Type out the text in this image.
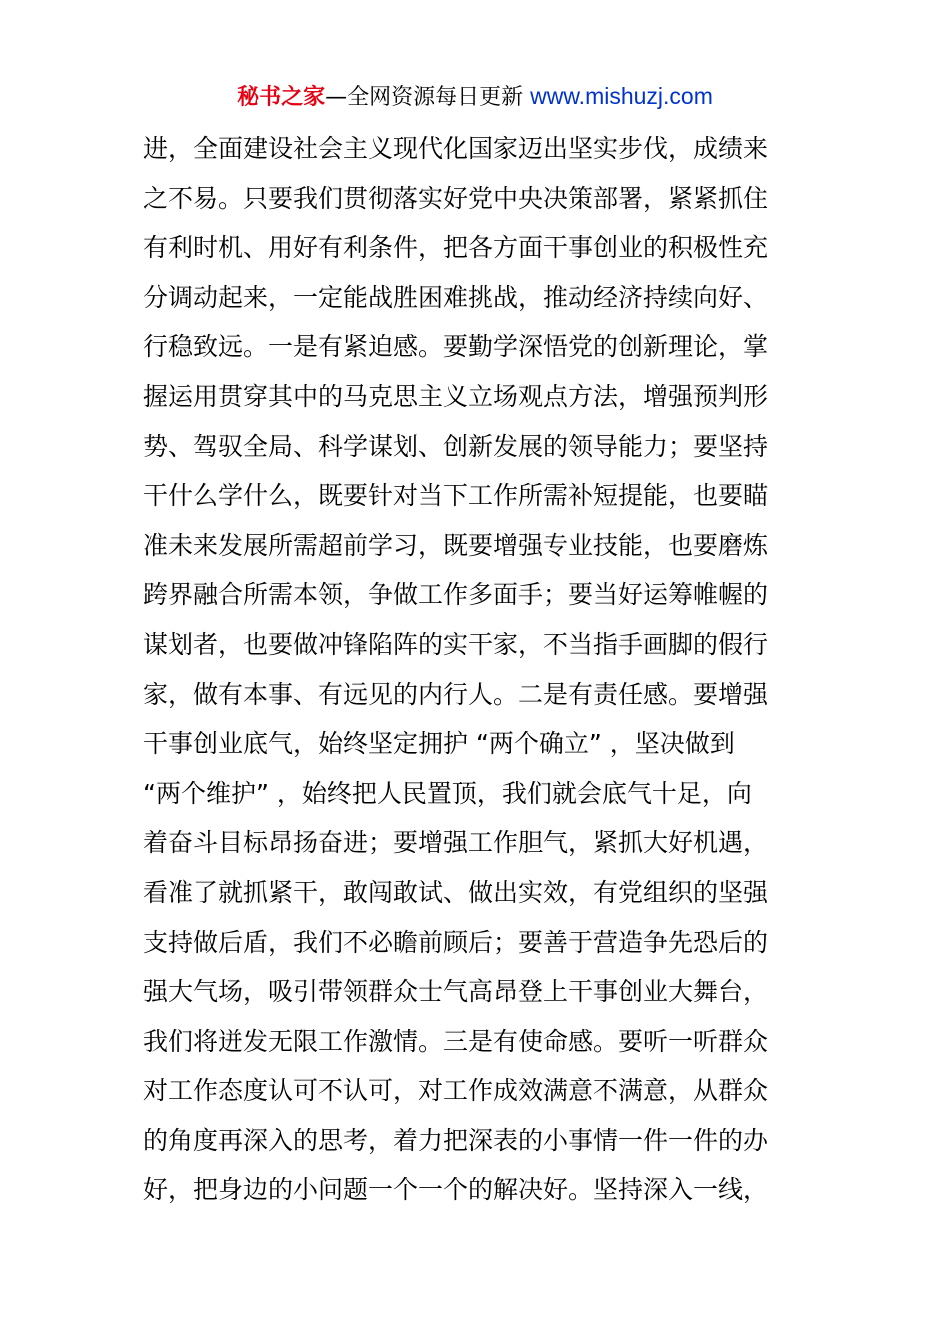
秘书之家—全网资源每日更新 www.mishuzj.com
进，全面建设社会主义现代化国家迈出坚实步伐，成绩来
之不易。只要我们贯彻落实好党中央决策部署，紧紧抓住
有利时机、用好有利条件，把各方面干事创业的积极性充
分调动起来，一定能战胜困难挑战，推动经济持续向好、
行稳致远。一是有紧迫感。要勤学深悟党的创新理论，掌
握运用贯穿其中的马克思主义立场观点方法，增强预判形
势、驾驭全局、科学谋划、创新发展的领导能力；要坚持
干什么学什么，既要针对当下工作所需补短提能，也要瞄
准未来发展所需超前学习，既要增强专业技能，也要磨炼
跨界融合所需本领，争做工作多面手；要当好运筹帷幄的
谋划者，也要做冲锋陷阵的实干家，不当指手画脚的假行
家，做有本事、有远见的内行人。二是有责任感。要增强
干事创业底气，始终坚定拥护 “两个确立” ，坚决做到
“两个维护” ，始终把人民置顶，我们就会底气十足，向
着奋斗目标昂扬奋进；要增强工作胆气，紧抓大好机遇，
看准了就抓紧干，敢闯敢试、做出实效，有党组织的坚强
支持做后盾，我们不必瞻前顾后；要善于营造争先恐后的
强大气场，吸引带领群众士气高昂登上干事创业大舞台，
我们将迸发无限工作激情。三是有使命感。要听一听群众
对工作态度认可不认可，对工作成效满意不满意，从群众
的角度再深入的思考，着力把深表的小事情一件一件的办
好，把身边的小问题一个一个的解决好。坚持深入一线，
